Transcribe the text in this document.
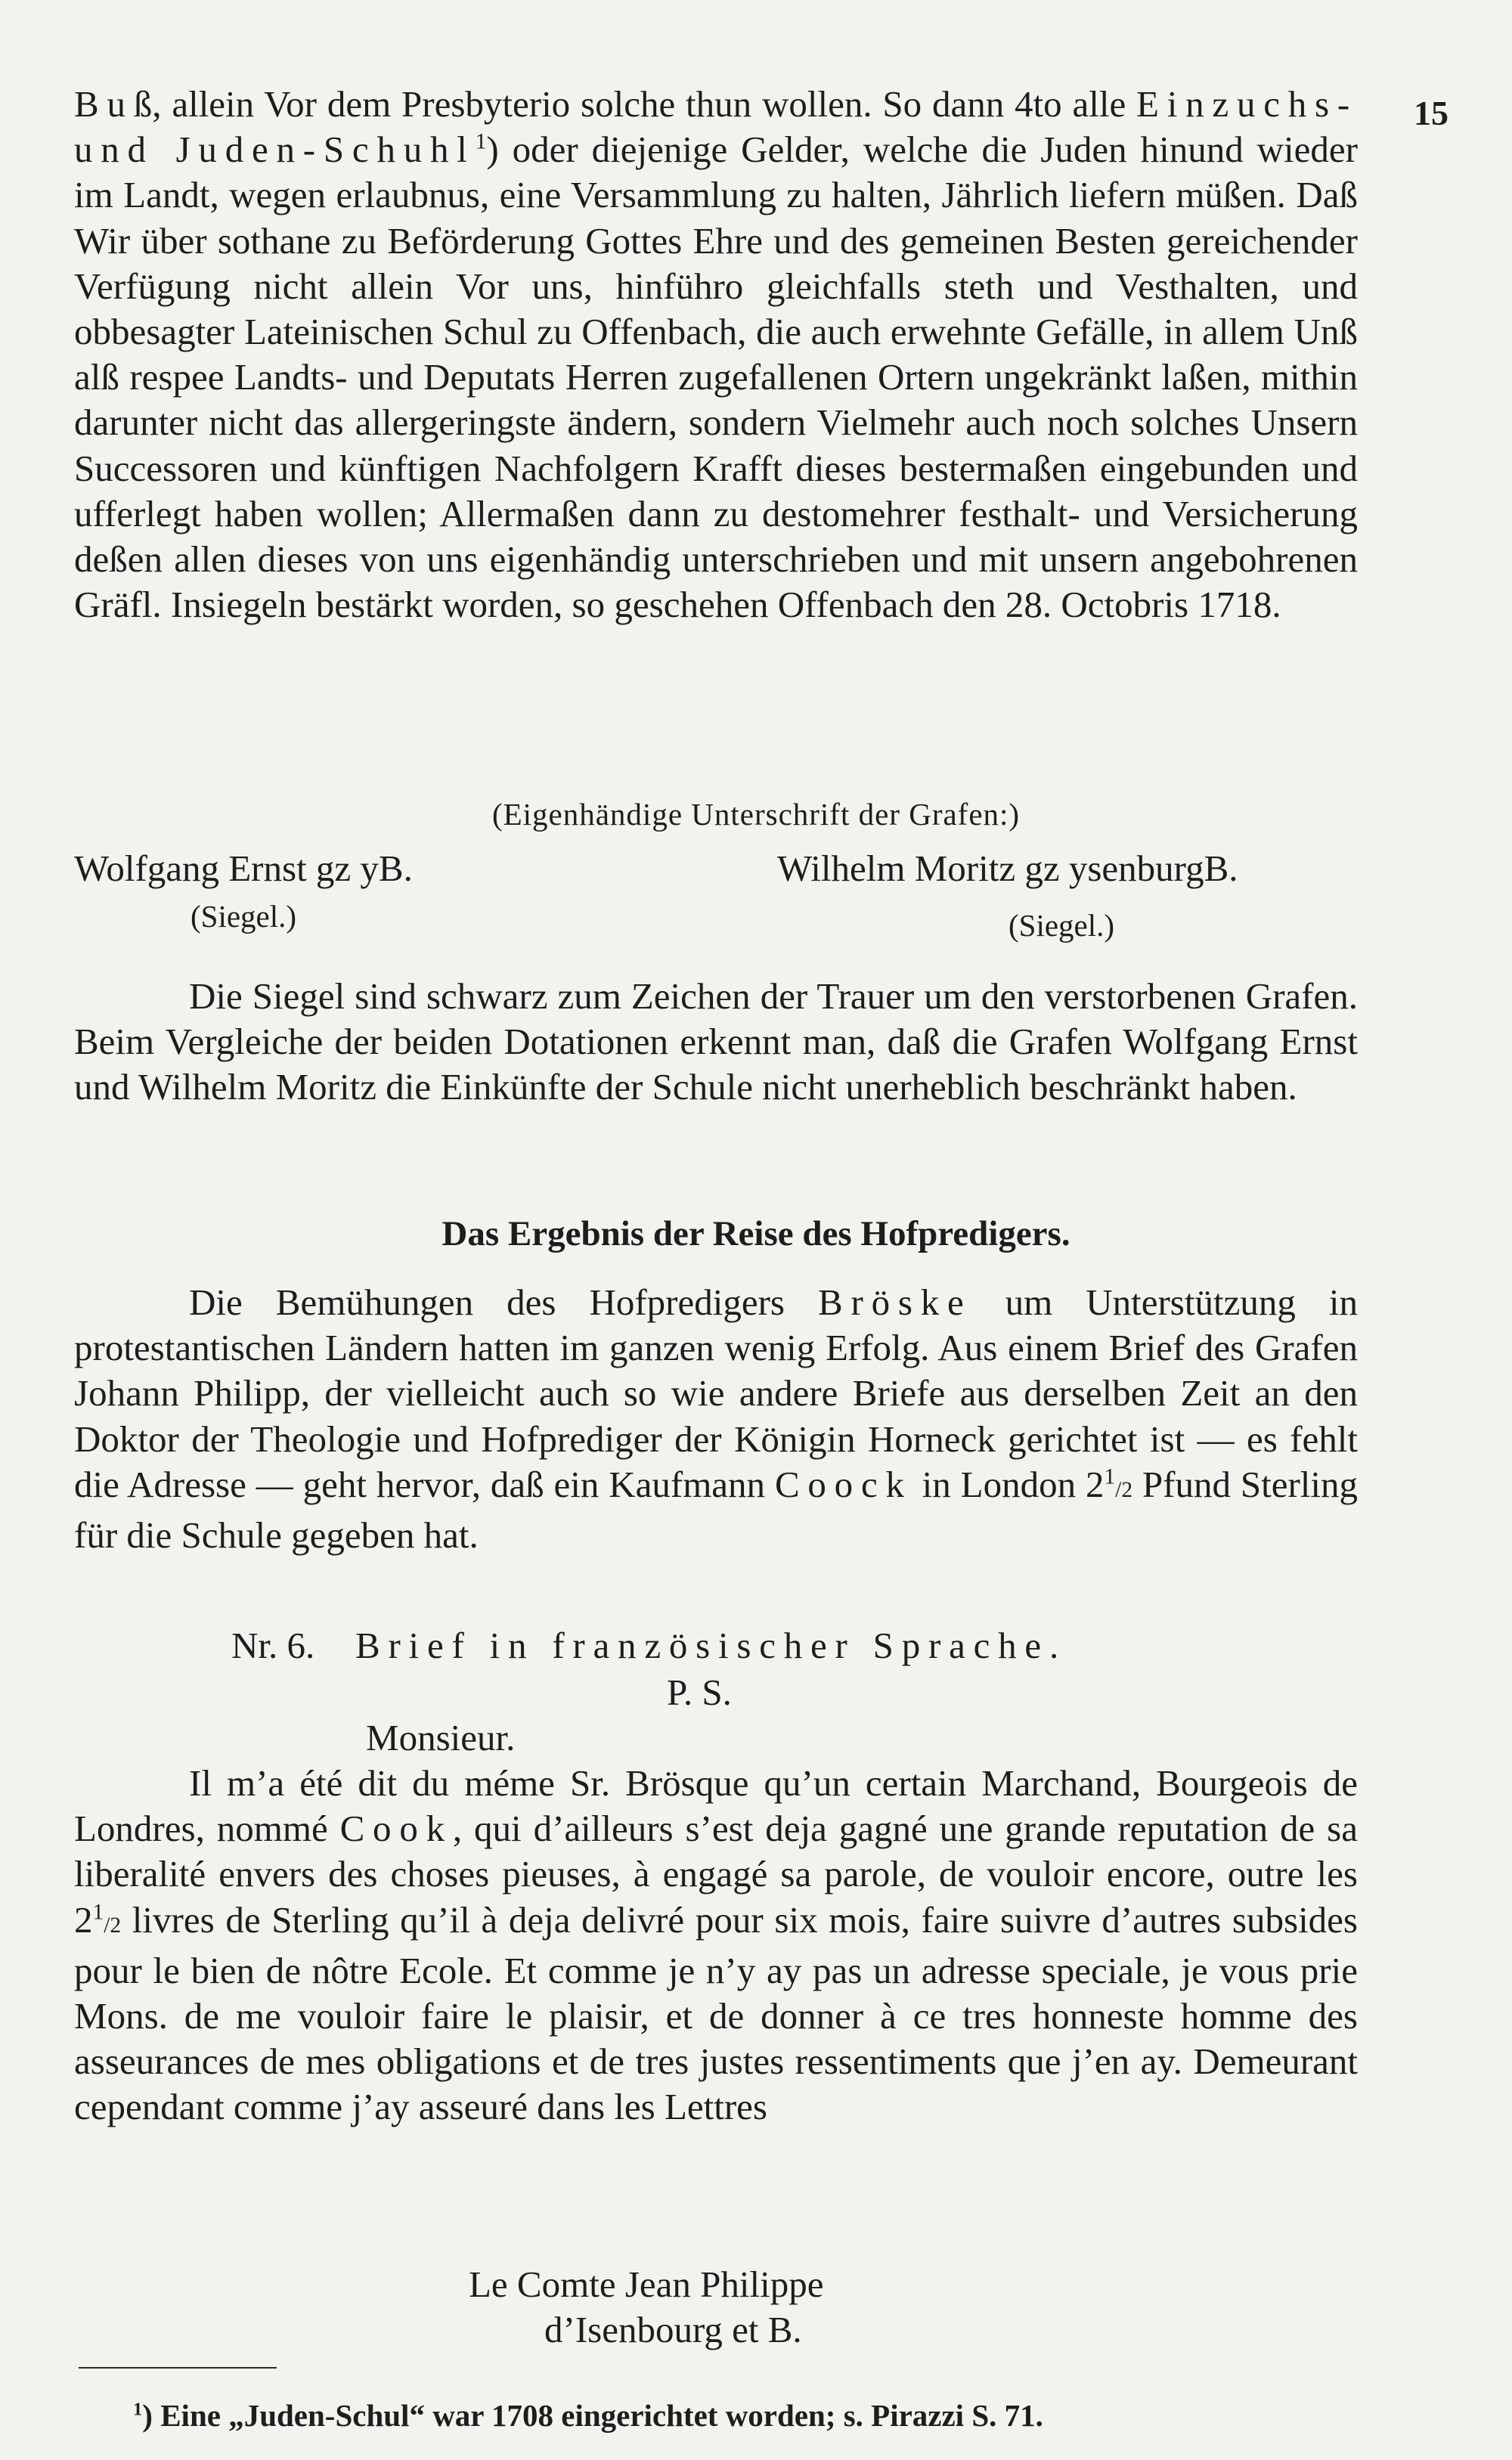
15

Buß, allein Vor dem Presbyterio solche thun wollen. So dann 4to alle Einzuchs- und Juden-Schuhl$^1$) oder diejenige Gelder, welche die Juden hinund wieder im Landt, wegen erlaubnus, eine Versammlung zu halten, Jährlich liefern müßen. Daß Wir über sothane zu Beförderung Gottes Ehre und des gemeinen Besten gereichender Verfügung nicht allein Vor uns, hinführo gleichfalls steth und Vesthalten, und obbesagter Lateinischen Schul zu Offenbach, die auch erwehnte Gefälle, in allem Unß alß respee Landts- und Deputats Herren zugefallenen Ortern ungekränkt laßen, mithin darunter nicht das allergeringste ändern, sondern Vielmehr auch noch solches Unsern Successoren und künftigen Nachfolgern Krafft dieses bestermaßen eingebunden und ufferlegt haben wollen; Allermaßen dann zu destomehrer festhalt- und Versicherung deßen allen dieses von uns eigenhändig unterschrieben und mit unsern angebohrenen Gräfl. Insiegeln bestärkt worden, so geschehen Offenbach den 28. Octobris 1718.

(Eigenhändige Unterschrift der Grafen:)
Wolfgang Ernst gz yB.	Wilhelm Moritz gz ysenburgB.
(Siegel.)	(Siegel.)

Die Siegel sind schwarz zum Zeichen der Trauer um den verstorbenen Grafen. Beim Vergleiche der beiden Dotationen erkennt man, daß die Grafen Wolfgang Ernst und Wilhelm Moritz die Einkünfte der Schule nicht unerheblich beschränkt haben.

Das Ergebnis der Reise des Hofpredigers.

Die Bemühungen des Hofpredigers Bröske um Unterstützung in protestantischen Ländern hatten im ganzen wenig Erfolg. Aus einem Brief des Grafen Johann Philipp, der vielleicht auch so wie andere Briefe aus derselben Zeit an den Doktor der Theologie und Hofprediger der Königin Horneck gerichtet ist — es fehlt die Adresse — geht hervor, daß ein Kaufmann Coock in London $2^1/2$ Pfund Sterling für die Schule gegeben hat.

Nr. 6. Brief in französischer Sprache.
P. S.
Monsieur.

Il m’a été dit du méme Sr. Brösque qu’un certain Marchand, Bourgeois de Londres, nommé Cook, qui d’ailleurs s’est deja gagné une grande reputation de sa liberalité envers des choses pieuses, à engagé sa parole, de vouloir encore, outre les $2^1/2$ livres de Sterling qu’il à deja delivré pour six mois, faire suivre d’autres subsides pour le bien de nôtre Ecole. Et comme je n’y ay pas un adresse speciale, je vous prie Mons. de me vouloir faire le plaisir, et de donner à ce tres honneste homme des asseurances de mes obligations et de tres justes ressentiments que j’en ay. Demeurant cependant comme j’ay asseuré dans les Lettres

Le Comte Jean Philippe
d’Isenbourg et B.
$^1$) Eine „Juden-Schul“ war 1708 eingerichtet worden; s. Pirazzi S. 71.
